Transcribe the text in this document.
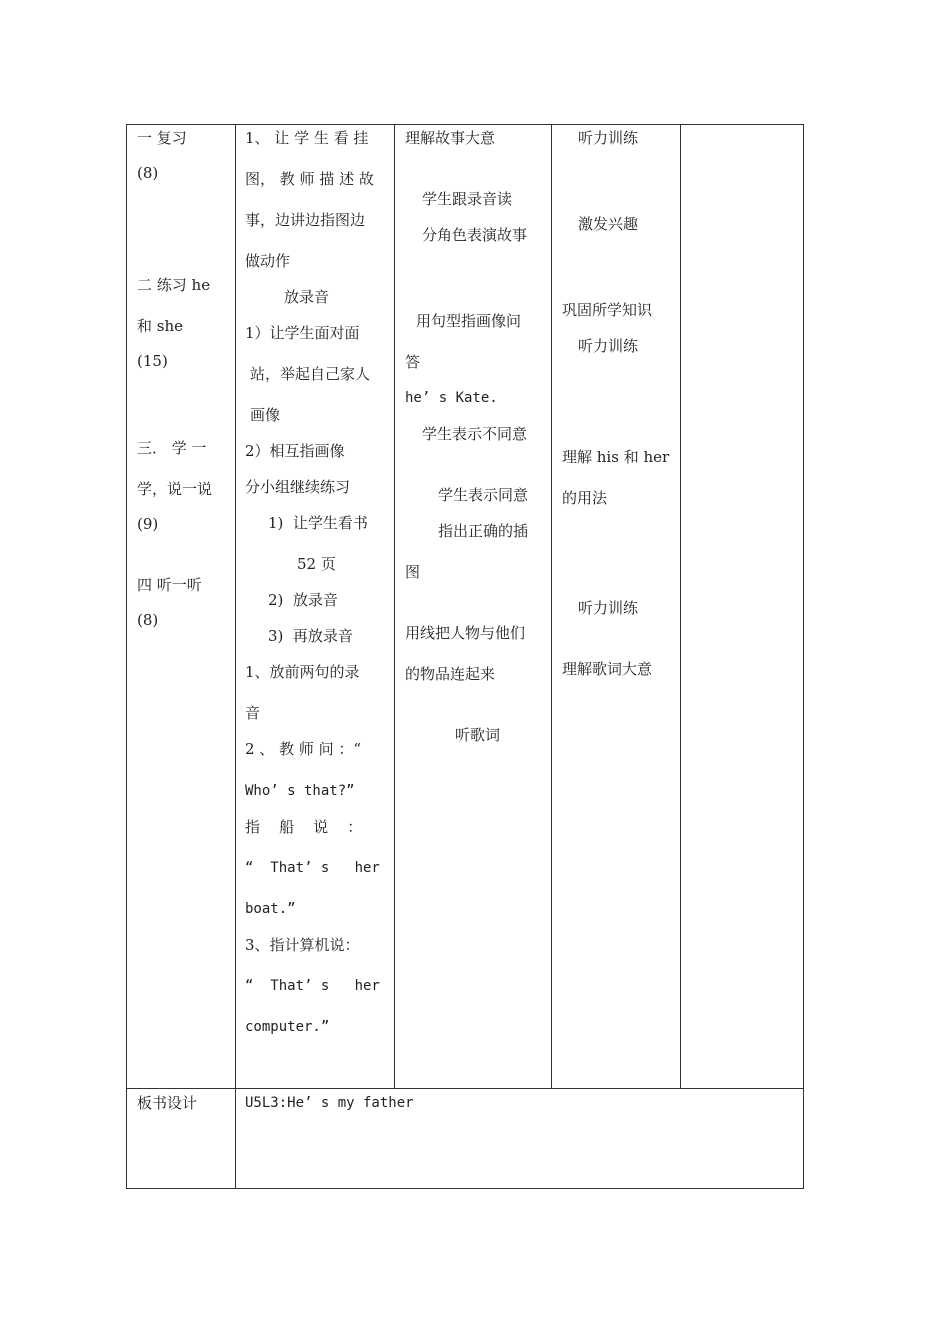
一 复习
(8)
二 练习 he
和 she
(15)
三． 学 一
学，说一说
(9)
四 听一听
(8)
1、 让 学 生 看 挂
图， 教 师 描 述 故
事，边讲边指图边
做动作
放录音
1）让学生面对面
站，举起自己家人
画像
2）相互指画像
分小组继续练习
1)  让学生看书
52 页
2)  放录音
3)  再放录音
1、放前两句的录
音
2 、 教 师 问 ：“
Who’ s that?”
指    船    说    ：
“  That’ s   her
boat.”
3、指计算机说：
“  That’ s   her
computer.”
理解故事大意
学生跟录音读
分角色表演故事
用句型指画像问
答
he’ s Kate.
学生表示不同意
学生表示同意
指出正确的插
图
用线把人物与他们
的物品连起来
听歌词
听力训练
激发兴趣
巩固所学知识
听力训练
理解 his 和 her
的用法
听力训练
理解歌词大意
板书设计	U5L3:He’ s my father
